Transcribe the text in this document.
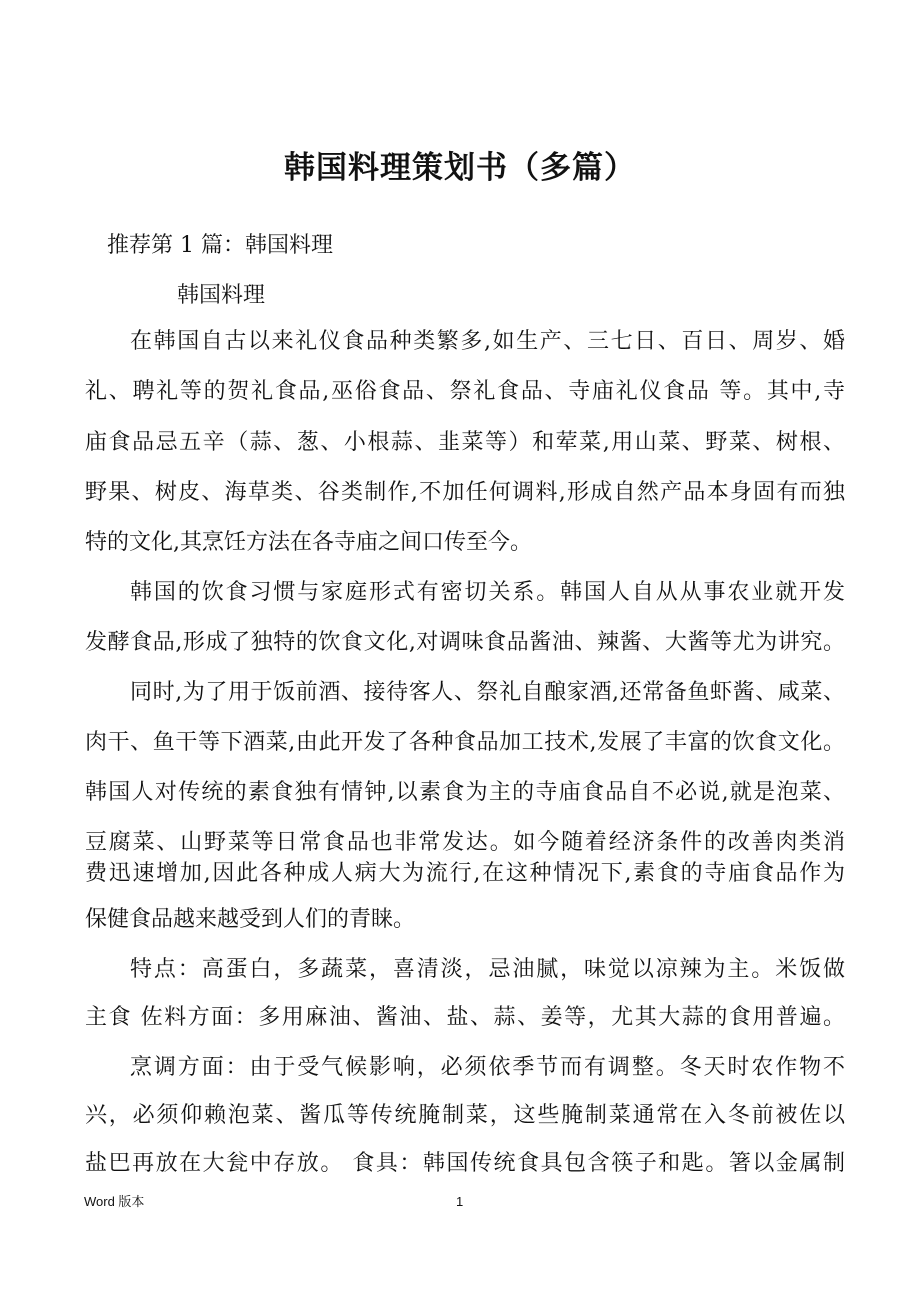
韩国料理策划书（多篇）
推荐第 1 篇：韩国料理
韩国料理
在韩国自古以来礼仪食品种类繁多,如生产、三七日、百日、周岁、婚
礼、聘礼等的贺礼食品,巫俗食品、祭礼食品、寺庙礼仪食品 等。其中,寺
庙食品忌五辛（蒜、葱、小根蒜、韭菜等）和荤菜,用山菜、野菜、树根、
野果、树皮、海草类、谷类制作,不加任何调料,形成自然产品本身固有而独
特的文化,其烹饪方法在各寺庙之间口传至今。
韩国的饮食习惯与家庭形式有密切关系。韩国人自从从事农业就开发
发酵食品,形成了独特的饮食文化,对调味食品酱油、辣酱、大酱等尤为讲究。
同时,为了用于饭前酒、接待客人、祭礼自酿家酒,还常备鱼虾酱、咸菜、
肉干、鱼干等下酒菜,由此开发了各种食品加工技术,发展了丰富的饮食文化。
韩国人对传统的素食独有情钟,以素食为主的寺庙食品自不必说,就是泡菜、
豆腐菜、山野菜等日常食品也非常发达。如今随着经济条件的改善肉类消
费迅速增加,因此各种成人病大为流行,在这种情况下,素食的寺庙食品作为
保健食品越来越受到人们的青睐。
特点：高蛋白，多蔬菜，喜清淡，忌油腻，味觉以凉辣为主。米饭做
主食 佐料方面：多用麻油、酱油、盐、蒜、姜等，尤其大蒜的食用普遍。
烹调方面：由于受气候影响，必须依季节而有调整。冬天时农作物不
兴，必须仰赖泡菜、酱瓜等传统腌制菜，这些腌制菜通常在入冬前被佐以
盐巴再放在大瓮中存放。 食具：韩国传统食具包含筷子和匙。箸以金属制
Word 版本	1
